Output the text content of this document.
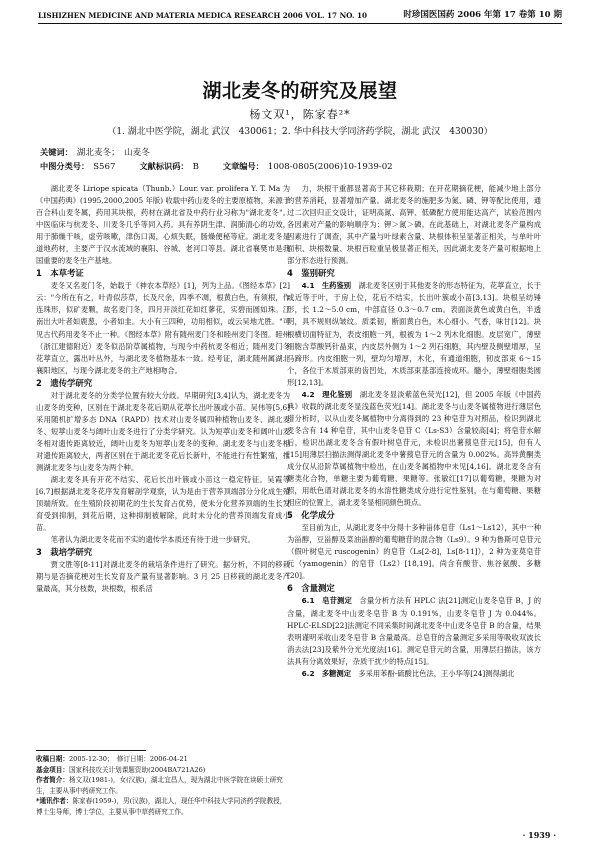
LISHIZHEN MEDICINE AND MATERIA MEDICA RESEARCH 2006 VOL. 17 NO. 10	时珍国医国药 2006 年第 17 卷第 10 期
湖北麦冬的研究及展望
杨文双¹，陈家春²*
（1. 湖北中医学院，湖北 武汉　430061；2. 华中科技大学同济药学院，湖北 武汉　430030）
关键词： 湖北麦冬；　山麦冬
中图分类号： S567	文献标识码： B	文章编号： 1008-0805(2006)10-1939-02

湖北麦冬 Liriope spicata（Thunb.）Lour. var. prolifera Y. T. Ma 为《中国药典》(1995,2000,2005 年版) 收载中药山麦冬的主要原植物，来源于百合科山麦冬属，药用其块根，药材在湖北省及中药行业习称为"湖北麦冬"。中医临床与杭麦冬、川麦冬几乎等同入药。具有养阴生津、润肺清心的功效，用于肺燥干咳，虚劳咳嗽，津伤口渴，心烦失眠，肠燥便秘等症。湖北麦冬是道地药材，主要产于汉水流域的襄阳、谷城、老河口等县。湖北省襄樊市是我国重要的麦冬生产基地。

1　本草考证

麦冬又名麦门冬，始载于《神农本草经》[1]，列为上品。《图经本草》[2]云："今所在有之，叶青似莎草，长及尺余，四季不凋，根黄白色，有须根，作连珠形，似矿麦颗，故名麦门冬，四月开淡红花如红蓼花，实碧而圆如珠。江南出大叶者如鹿葱，小者如韭。大小有三四种，功用相似，或云吴地尤胜。"可见古代药用麦冬不止一种。《图经本草》附有随州麦门冬和睦州麦门冬图。睦州（浙江建德附近）麦冬似沿阶草属植物，与现今中药杭麦冬相近；随州麦门冬花葶直立，露出叶丛外，与湖北麦冬植物基本一致。经考证，湖北随州属湖北襄阳地区，与现今湖北麦冬的主产地相吻合。

2　遗传学研究

对于湖北麦冬的分类学位置有较大分歧。早期研究[3,4]认为，湖北麦冬为山麦冬的变种，区别在于湖北麦冬花后期从花葶长出叶簇或小苗。吴伟等[5,6]采用随机扩增多态 DNA（RAPD）技术对山麦冬属四种植物山麦冬、湖北麦冬、短葶山麦冬与阔叶山麦冬进行了分类学研究。认为短葶山麦冬和阔叶山麦冬相对遗传距离较近，阔叶山麦冬为短葶山麦冬的变种。湖北麦冬与山麦冬相对遗传距离较大，两者区别在于湖北麦冬花后长新叶，不能进行有性繁殖，推测湖北麦冬与山麦冬为两个种。

湖北麦冬具有开花不结实、花后长出叶簇或小苗这一稳定特征。吴霞等[6,7]根据湖北麦冬花序发育解剖学观察，认为是由于营养顶端部分分化成生殖顶端所致。在生殖阶段初期花的生长发育占优势，使未分化营养顶端的生长发育受到抑制，到花后期，这种抑制被解除，此时未分化的营养顶端发育成小苗。

笔者认为湖北麦冬花而不实的遗传学本质还有待于进一步研究。

3　栽培学研究

贾文胜等[8-11]对湖北麦冬的栽培条件进行了研究。据分析，不同的移栽期与是否摘花梗对生长发育及产量有显著影响。3 月 25 日移栽的湖北麦冬产量最高，其分枝数，块根数，根系活

力，块根干重都显著高于其它移栽期；在开花期摘花梗，能减少地上部分的营养消耗，显著增加产量。湖北麦冬的施肥多为氮、磷、钾等配比使用，通过二次回归正交设计，证明高氮、高钾、低磷配方使用能达高产，试验范围内各因素对产量的影响顺序为：钾＞氮＞磷。在此基础上，对湖北麦冬产量构成因素进行了调查，其中产量与叶绿素含量、块根体积呈显著正相关，与单叶叶面积、块根数量、块根百粒重呈极显著正相关，因此湖北麦冬产量可根据地上部分形态进行预测。

4　鉴别研究

4.1　生药鉴别　 湖北麦冬区别于其他麦冬的形态特征为，花葶直立，长于或近等于叶，于房上位，花后不结实，长出叶簇或小苗[3,13]。块根呈纺锤形，长 1.2～5.0 cm，中部直径 0.3～0.7 cm。表面淡黄色或黄白色，半透明，具不规则纵皱纹。质柔韧，断面黄白色，木心细小。气香，味甘[12]。块根横切面特征为，表皮细胞一列，根被为 1～2 列木化细胞。皮层宽广，薄壁细胞含草酸钙针晶束，内皮层外侧为 1～2 列石细胞，其内壁及侧壁增厚，呈马蹄形。内皮细胞一列，壁均匀增厚，木化，有通道细胞，韧皮部束 6～15 个，各位于木质部束的齿凹处，木质部束基部连接成环。髓小，薄壁细胞类圆形[12,13]。

4.2　理化鉴别　 湖北麦冬显淡紫蓝色荧光[12]，但 2005 年版《中国药典》收载的湖北麦冬显浅蓝色荧光[14]。湖北麦冬与山麦冬属植物进行薄层色谱分析时，以从山麦冬属植物中分离得到的 23 种皂苷为对照品，检识到湖北麦冬含有 14 种皂苷，其中山麦冬皂苷 C（Ls-S3）含量较高[4]；将皂苷水解后，检识出湖北麦冬含有假叶树皂苷元，未检识出薯蓣皂苷元[15]，但有人[15]用薄层扫描法测得湖北麦冬中薯蓣皂苷元的含量为 0.002%。高异黄酮类成分仅从沿阶草属植物中检出，在山麦冬属植物中未见[4,16]。湖北麦冬含有糖类化合物，单糖主要为葡萄糖、果糖等。张敏红[17]以葡萄糖，果糖为对照，用纸色谱对湖北麦冬的水溶性糖类成分进行定性鉴别，在与葡萄糖、果糖相应的位置上，湖北麦冬显相同颜色斑点。

5　化学成分

至目前为止，从湖北麦冬中分得十多种甾体皂苷（Ls1～Ls12），其中一种为甾醇，豆甾醇及菜油甾醇的葡萄糖苷的混合物（Ls9）。9 种为鲁斯可皂苷元（假叶树皂元 ruscogenin）的皂苷（Ls[2-8]，Ls[8-11]），2 种为亚莫皂苷元（yamogenin）的皂苷（Ls2）[18,19]。尚含有酸苷、焦谷氨酸、多糖[20]。

6　含量测定

6.1　皂苷测定　 含量分析方法有 HPLC 法[21]测定山麦冬皂苷 B，J 的含量，湖北麦冬中山麦冬皂苷 B 为 0.191%，山麦冬皂苷 J 为 0.044%。HPLC-ELSD[22]法测定不同采集时间湖北麦冬中山麦冬皂苷 B 的含量，结果表明谨明采收山麦冬皂苷 B 含量最高。总皂苷的含量测定多采用等吸收双波长消去法[23]及紫外分光光度法[16]。测定皂苷元的含量，用薄层扫描法，该方法具有分离效果好，杂质干扰少的特点[15]。

6.2　多糖测定　 多采用苯酚-硫酸比色法，王小华等[24]测得湖北

收稿日期：2005-12-30；　修订日期：2006-04-21
基金项目：国家科技攻关计划课题资助(2004BA721A26)
作者简介：杨文双(1981-)，女(汉族)，湖北宜昌人，现为湖北中医学院在读硕士研究生，主要从事中药研究工作。
*通讯作者：陈家春(1959-)，男(汉族)，湖北人，现任华中科技大学同济药学院教授，博士生导师，博士学位，主要从事中草药研究工作。
· 1939 ·
